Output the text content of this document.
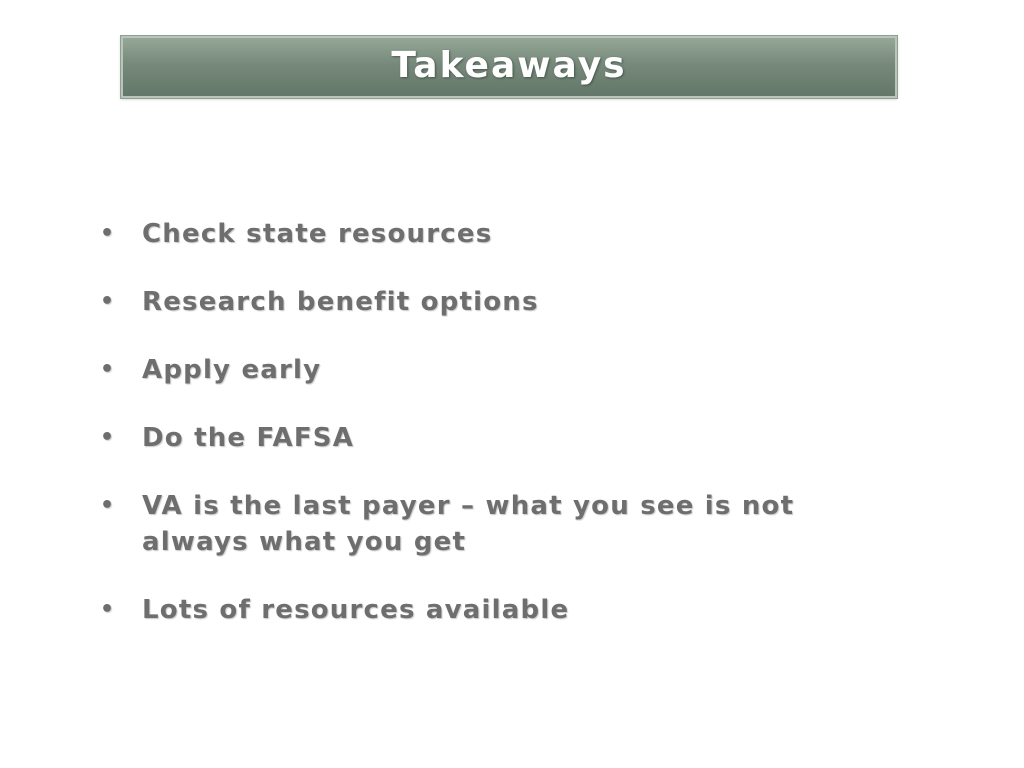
Takeaways
• Check state resources
• Research benefit options
• Apply early
• Do the FAFSA
• VA is the last payer – what you see is not always what you get
• Lots of resources available
